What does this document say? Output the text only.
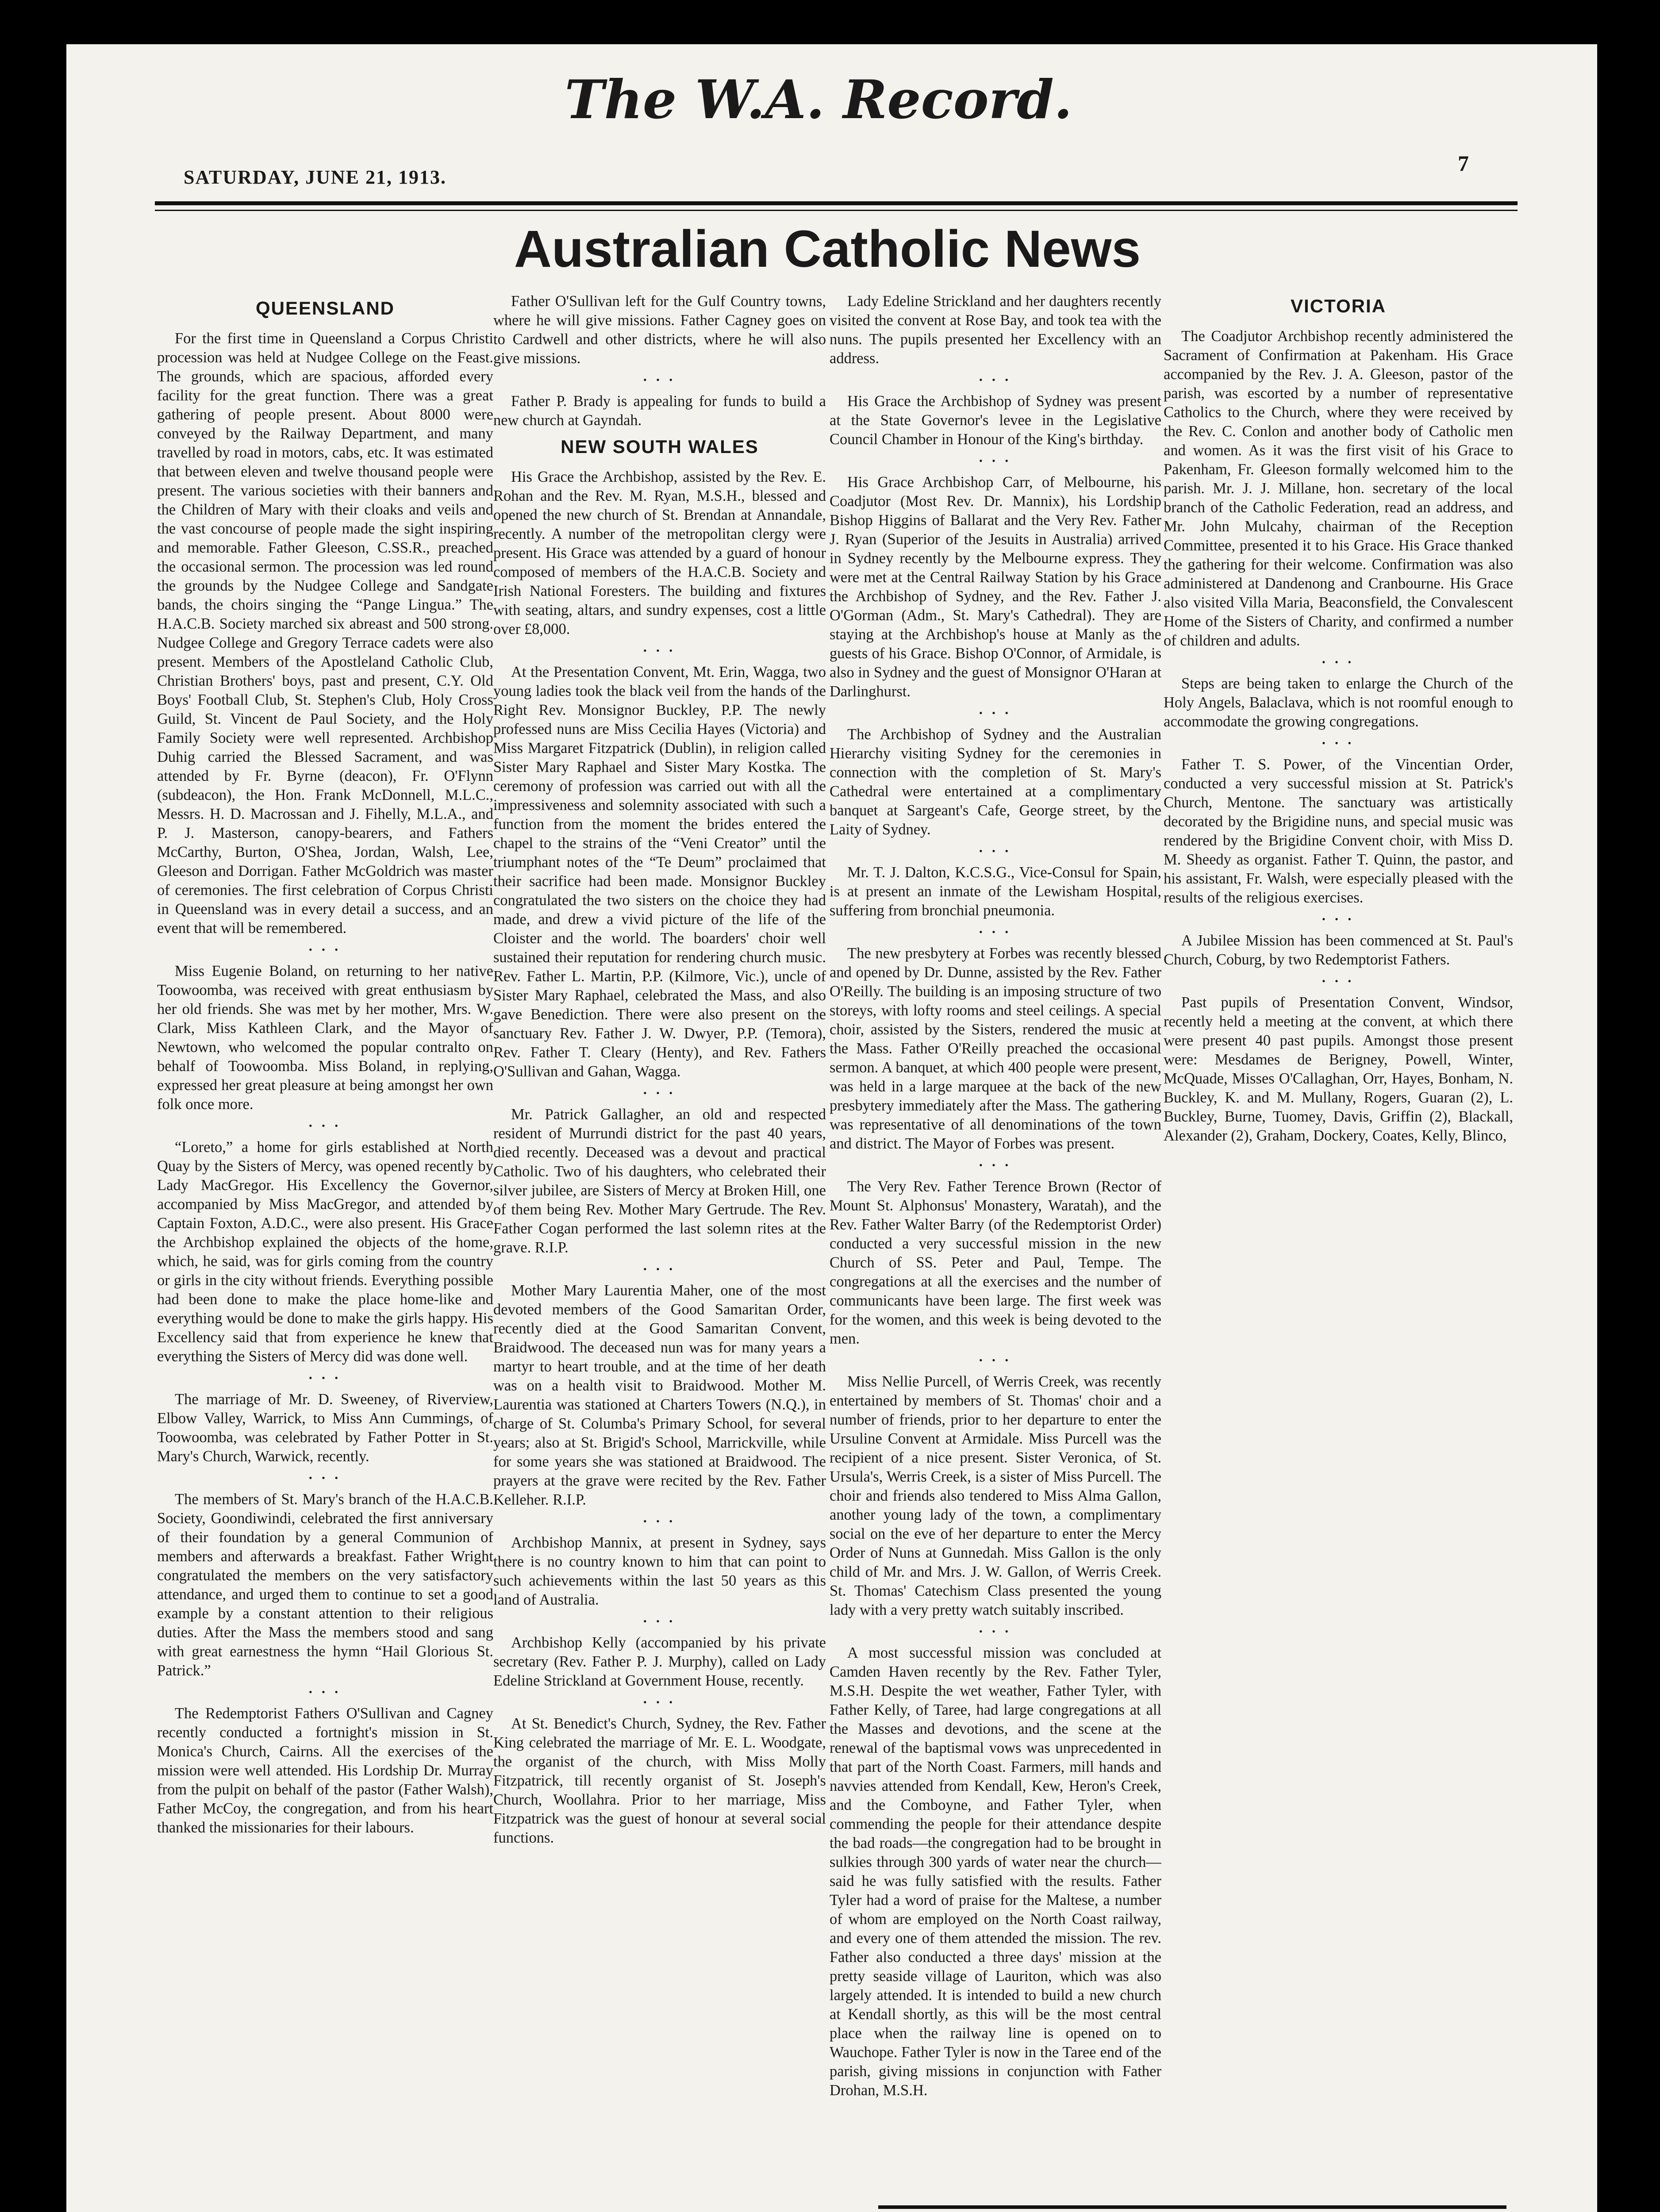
The W.A. Record.
SATURDAY, JUNE 21, 1913.
7
Australian Catholic News
QUEENSLAND

For the first time in Queensland a Corpus Christi procession was held at Nudgee College on the Feast. The grounds, which are spacious, afforded every facility for the great function. There was a great gathering of people present. About 8000 were conveyed by the Railway Department, and many travelled by road in motors, cabs, etc. It was estimated that between eleven and twelve thousand people were present. The various societies with their banners and the Children of Mary with their cloaks and veils and the vast concourse of people made the sight inspiring and memorable. Father Gleeson, C.SS.R., preached the occasional sermon. The procession was led round the grounds by the Nudgee College and Sandgate bands, the choirs singing the “Pange Lingua.” The H.A.C.B. Society marched six abreast and 500 strong. Nudgee College and Gregory Terrace cadets were also present. Members of the Apostleland Catholic Club, Christian Brothers' boys, past and present, C.Y. Old Boys' Football Club, St. Stephen's Club, Holy Cross Guild, St. Vincent de Paul Society, and the Holy Family Society were well represented. Archbishop Duhig carried the Blessed Sacrament, and was attended by Fr. Byrne (deacon), Fr. O'Flynn (subdeacon), the Hon. Frank McDonnell, M.L.C., Messrs. H. D. Macrossan and J. Fihelly, M.L.A., and P. J. Masterson, canopy-bearers, and Fathers McCarthy, Burton, O'Shea, Jordan, Walsh, Lee, Gleeson and Dorrigan. Father McGoldrich was master of ceremonies. The first celebration of Corpus Christi in Queensland was in every detail a success, and an event that will be remembered.

• • •

Miss Eugenie Boland, on returning to her native Toowoomba, was received with great enthusiasm by her old friends. She was met by her mother, Mrs. W. Clark, Miss Kathleen Clark, and the Mayor of Newtown, who welcomed the popular contralto on behalf of Toowoomba. Miss Boland, in replying, expressed her great pleasure at being amongst her own folk once more.

• • •

“Loreto,” a home for girls established at North Quay by the Sisters of Mercy, was opened recently by Lady MacGregor. His Excellency the Governor, accompanied by Miss MacGregor, and attended by Captain Foxton, A.D.C., were also present. His Grace the Archbishop explained the objects of the home, which, he said, was for girls coming from the country or girls in the city without friends. Everything possible had been done to make the place home-like and everything would be done to make the girls happy. His Excellency said that from experience he knew that everything the Sisters of Mercy did was done well.

• • •

The marriage of Mr. D. Sweeney, of Riverview, Elbow Valley, Warrick, to Miss Ann Cummings, of Toowoomba, was celebrated by Father Potter in St. Mary's Church, Warwick, recently.

• • •

The members of St. Mary's branch of the H.A.C.B. Society, Goondiwindi, celebrated the first anniversary of their foundation by a general Communion of members and afterwards a breakfast. Father Wright congratulated the members on the very satisfactory attendance, and urged them to continue to set a good example by a constant attention to their religious duties. After the Mass the members stood and sang with great earnestness the hymn “Hail Glorious St. Patrick.”

• • •

The Redemptorist Fathers O'Sullivan and Cagney recently conducted a fortnight's mission in St. Monica's Church, Cairns. All the exercises of the mission were well attended. His Lordship Dr. Murray from the pulpit on behalf of the pastor (Father Walsh), Father McCoy, the congregation, and from his heart thanked the missionaries for their labours.

Father O'Sullivan left for the Gulf Country towns, where he will give missions. Father Cagney goes on to Cardwell and other districts, where he will also give missions.

• • •

Father P. Brady is appealing for funds to build a new church at Gayndah.

NEW SOUTH WALES

His Grace the Archbishop, assisted by the Rev. E. Rohan and the Rev. M. Ryan, M.S.H., blessed and opened the new church of St. Brendan at Annandale, recently. A number of the metropolitan clergy were present. His Grace was attended by a guard of honour composed of members of the H.A.C.B. Society and Irish National Foresters. The building and fixtures with seating, altars, and sundry expenses, cost a little over £8,000.

• • •

At the Presentation Convent, Mt. Erin, Wagga, two young ladies took the black veil from the hands of the Right Rev. Monsignor Buckley, P.P. The newly professed nuns are Miss Cecilia Hayes (Victoria) and Miss Margaret Fitzpatrick (Dublin), in religion called Sister Mary Raphael and Sister Mary Kostka. The ceremony of profession was carried out with all the impressiveness and solemnity associated with such a function from the moment the brides entered the chapel to the strains of the “Veni Creator” until the triumphant notes of the “Te Deum” proclaimed that their sacrifice had been made. Monsignor Buckley congratulated the two sisters on the choice they had made, and drew a vivid picture of the life of the Cloister and the world. The boarders' choir well sustained their reputation for rendering church music. Rev. Father L. Martin, P.P. (Kilmore, Vic.), uncle of Sister Mary Raphael, celebrated the Mass, and also gave Benediction. There were also present on the sanctuary Rev. Father J. W. Dwyer, P.P. (Temora), Rev. Father T. Cleary (Henty), and Rev. Fathers O'Sullivan and Gahan, Wagga.

• • •

Mr. Patrick Gallagher, an old and respected resident of Murrundi district for the past 40 years, died recently. Deceased was a devout and practical Catholic. Two of his daughters, who celebrated their silver jubilee, are Sisters of Mercy at Broken Hill, one of them being Rev. Mother Mary Gertrude. The Rev. Father Cogan performed the last solemn rites at the grave. R.I.P.

• • •

Mother Mary Laurentia Maher, one of the most devoted members of the Good Samaritan Order, recently died at the Good Samaritan Convent, Braidwood. The deceased nun was for many years a martyr to heart trouble, and at the time of her death was on a health visit to Braidwood. Mother M. Laurentia was stationed at Charters Towers (N.Q.), in charge of St. Columba's Primary School, for several years; also at St. Brigid's School, Marrickville, while for some years she was stationed at Braidwood. The prayers at the grave were recited by the Rev. Father Kelleher. R.I.P.

• • •

Archbishop Mannix, at present in Sydney, says there is no country known to him that can point to such achievements within the last 50 years as this land of Australia.

• • •

Archbishop Kelly (accompanied by his private secretary (Rev. Father P. J. Murphy), called on Lady Edeline Strickland at Government House, recently.

• • •

At St. Benedict's Church, Sydney, the Rev. Father King celebrated the marriage of Mr. E. L. Woodgate, the organist of the church, with Miss Molly Fitzpatrick, till recently organist of St. Joseph's Church, Woollahra. Prior to her marriage, Miss Fitzpatrick was the guest of honour at several social functions.

Lady Edeline Strickland and her daughters recently visited the convent at Rose Bay, and took tea with the nuns. The pupils presented her Excellency with an address.

• • •

His Grace the Archbishop of Sydney was present at the State Governor's levee in the Legislative Council Chamber in Honour of the King's birthday.

• • •

His Grace Archbishop Carr, of Melbourne, his Coadjutor (Most Rev. Dr. Mannix), his Lordship Bishop Higgins of Ballarat and the Very Rev. Father J. Ryan (Superior of the Jesuits in Australia) arrived in Sydney recently by the Melbourne express. They were met at the Central Railway Station by his Grace the Archbishop of Sydney, and the Rev. Father J. O'Gorman (Adm., St. Mary's Cathedral). They are staying at the Archbishop's house at Manly as the guests of his Grace. Bishop O'Connor, of Armidale, is also in Sydney and the guest of Monsignor O'Haran at Darlinghurst.

• • •

The Archbishop of Sydney and the Australian Hierarchy visiting Sydney for the ceremonies in connection with the completion of St. Mary's Cathedral were entertained at a complimentary banquet at Sargeant's Cafe, George street, by the Laity of Sydney.

• • •

Mr. T. J. Dalton, K.C.S.G., Vice-Consul for Spain, is at present an inmate of the Lewisham Hospital, suffering from bronchial pneumonia.

• • •

The new presbytery at Forbes was recently blessed and opened by Dr. Dunne, assisted by the Rev. Father O'Reilly. The building is an imposing structure of two storeys, with lofty rooms and steel ceilings. A special choir, assisted by the Sisters, rendered the music at the Mass. Father O'Reilly preached the occasional sermon. A banquet, at which 400 people were present, was held in a large marquee at the back of the new presbytery immediately after the Mass. The gathering was representative of all denominations of the town and district. The Mayor of Forbes was present.

• • •

The Very Rev. Father Terence Brown (Rector of Mount St. Alphonsus' Monastery, Waratah), and the Rev. Father Walter Barry (of the Redemptorist Order) conducted a very successful mission in the new Church of SS. Peter and Paul, Tempe. The congregations at all the exercises and the number of communicants have been large. The first week was for the women, and this week is being devoted to the men.

• • •

Miss Nellie Purcell, of Werris Creek, was recently entertained by members of St. Thomas' choir and a number of friends, prior to her departure to enter the Ursuline Convent at Armidale. Miss Purcell was the recipient of a nice present. Sister Veronica, of St. Ursula's, Werris Creek, is a sister of Miss Purcell. The choir and friends also tendered to Miss Alma Gallon, another young lady of the town, a complimentary social on the eve of her departure to enter the Mercy Order of Nuns at Gunnedah. Miss Gallon is the only child of Mr. and Mrs. J. W. Gallon, of Werris Creek. St. Thomas' Catechism Class presented the young lady with a very pretty watch suitably inscribed.

• • •

A most successful mission was concluded at Camden Haven recently by the Rev. Father Tyler, M.S.H. Despite the wet weather, Father Tyler, with Father Kelly, of Taree, had large congregations at all the Masses and devotions, and the scene at the renewal of the baptismal vows was unprecedented in that part of the North Coast. Farmers, mill hands and navvies attended from Kendall, Kew, Heron's Creek, and the Comboyne, and Father Tyler, when commending the people for their attendance despite the bad roads—the congregation had to be brought in sulkies through 300 yards of water near the church—said he was fully satisfied with the results. Father Tyler had a word of praise for the Maltese, a number of whom are employed on the North Coast railway, and every one of them attended the mission. The rev. Father also conducted a three days' mission at the pretty seaside village of Lauriton, which was also largely attended. It is intended to build a new church at Kendall shortly, as this will be the most central place when the railway line is opened on to Wauchope. Father Tyler is now in the Taree end of the parish, giving missions in conjunction with Father Drohan, M.S.H.

VICTORIA

The Coadjutor Archbishop recently administered the Sacrament of Confirmation at Pakenham. His Grace accompanied by the Rev. J. A. Gleeson, pastor of the parish, was escorted by a number of representative Catholics to the Church, where they were received by the Rev. C. Conlon and another body of Catholic men and women. As it was the first visit of his Grace to Pakenham, Fr. Gleeson formally welcomed him to the parish. Mr. J. J. Millane, hon. secretary of the local branch of the Catholic Federation, read an address, and Mr. John Mulcahy, chairman of the Reception Committee, presented it to his Grace. His Grace thanked the gathering for their welcome. Confirmation was also administered at Dandenong and Cranbourne. His Grace also visited Villa Maria, Beaconsfield, the Convalescent Home of the Sisters of Charity, and confirmed a number of children and adults.

• • •

Steps are being taken to enlarge the Church of the Holy Angels, Balaclava, which is not roomful enough to accommodate the growing congregations.

• • •

Father T. S. Power, of the Vincentian Order, conducted a very successful mission at St. Patrick's Church, Mentone. The sanctuary was artistically decorated by the Brigidine nuns, and special music was rendered by the Brigidine Convent choir, with Miss D. M. Sheedy as organist. Father T. Quinn, the pastor, and his assistant, Fr. Walsh, were especially pleased with the results of the religious exercises.

• • •

A Jubilee Mission has been commenced at St. Paul's Church, Coburg, by two Redemptorist Fathers.

• • •

Past pupils of Presentation Convent, Windsor, recently held a meeting at the convent, at which there were present 40 past pupils. Amongst those present were: Mesdames de Berigney, Powell, Winter, McQuade, Misses O'Callaghan, Orr, Hayes, Bonham, N. Buckley, K. and M. Mullany, Rogers, Guaran (2), L. Buckley, Burne, Tuomey, Davis, Griffin (2), Blackall, Alexander (2), Graham, Dockery, Coates, Kelly, Blinco,
